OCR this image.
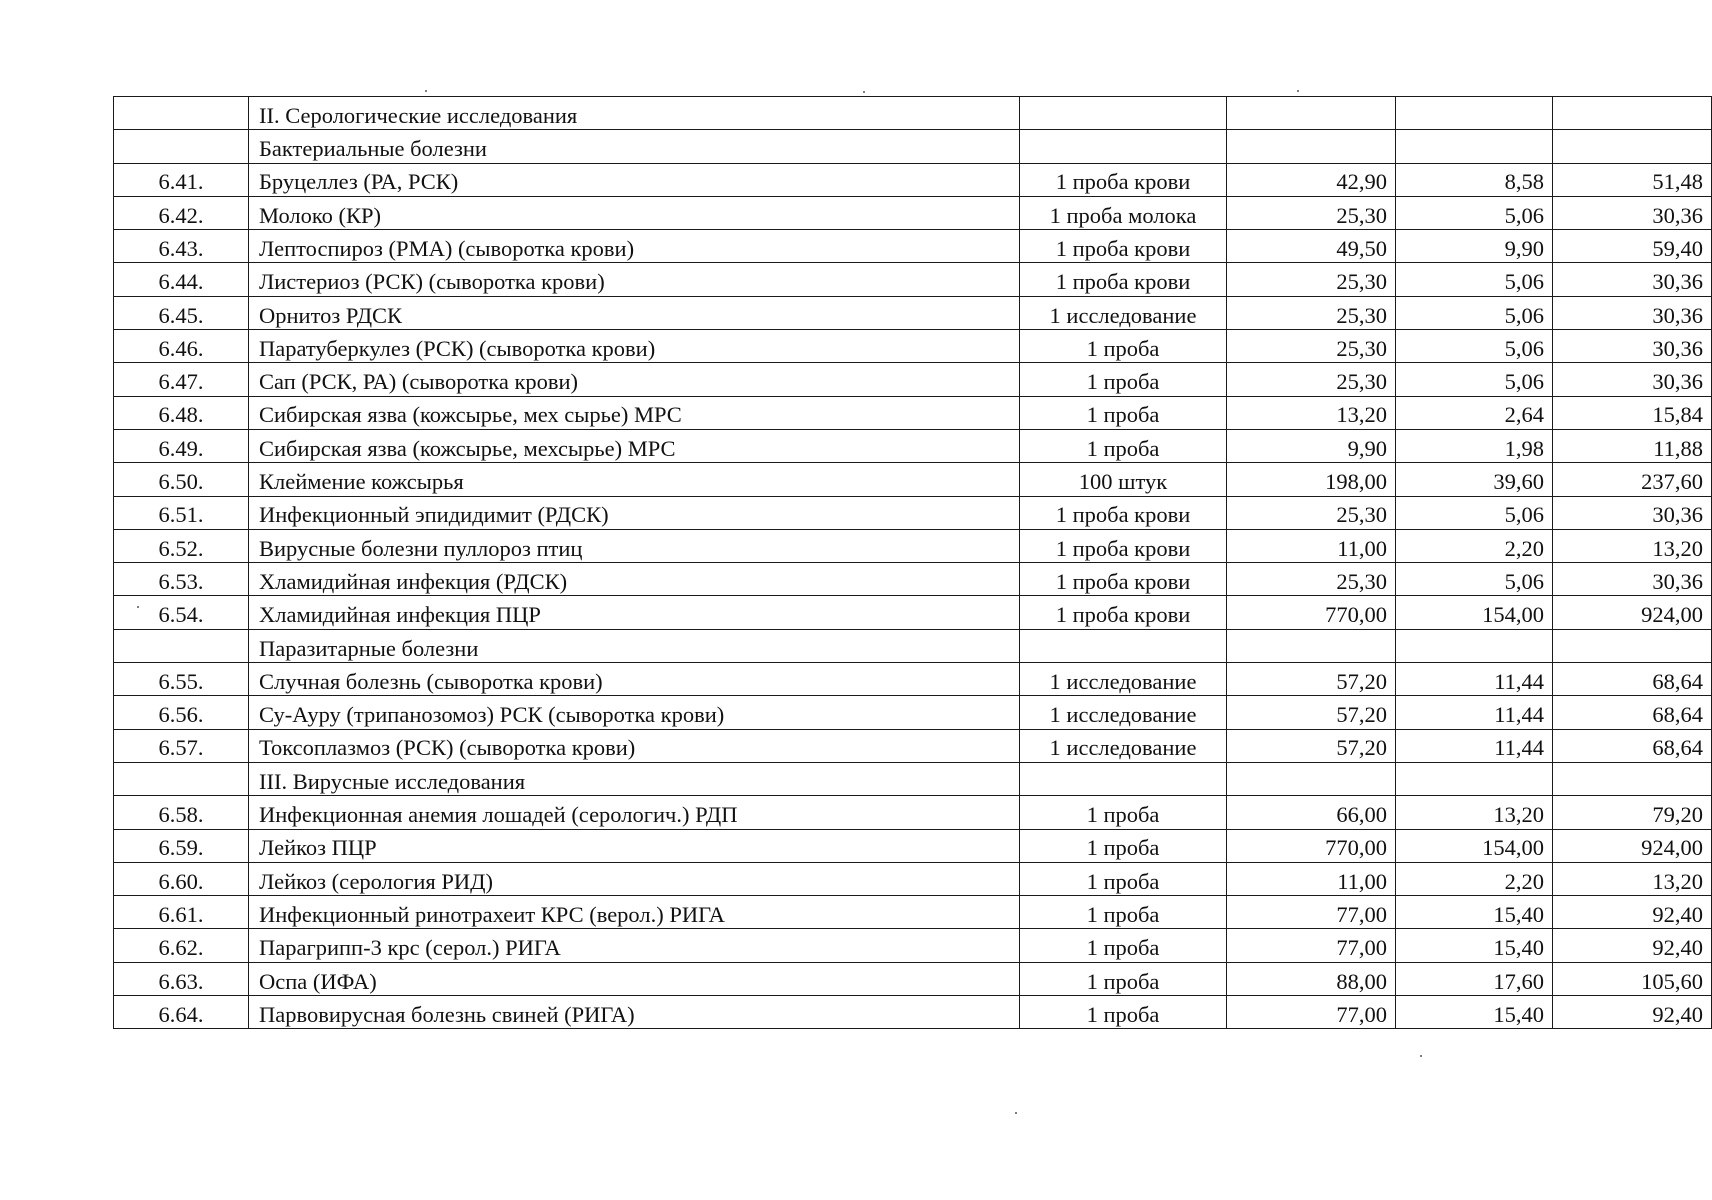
	II. Серологические исследования				
	Бактериальные болезни				
6.41.	Бруцеллез (РА, РСК)	1 проба крови	42,90	8,58	51,48
6.42.	Молоко (КР)	1 проба молока	25,30	5,06	30,36
6.43.	Лептоспироз (РМА) (сыворотка крови)	1 проба крови	49,50	9,90	59,40
6.44.	Листериоз (РСК) (сыворотка крови)	1 проба крови	25,30	5,06	30,36
6.45.	Орнитоз РДСК	1 исследование	25,30	5,06	30,36
6.46.	Паратуберкулез (РСК) (сыворотка крови)	1 проба	25,30	5,06	30,36
6.47.	Сап (РСК, РА) (сыворотка крови)	1 проба	25,30	5,06	30,36
6.48.	Сибирская язва (кожсырье, мех сырье) МРС	1 проба	13,20	2,64	15,84
6.49.	Сибирская язва (кожсырье, мехсырье) МРС	1 проба	9,90	1,98	11,88
6.50.	Клеймение кожсырья	100 штук	198,00	39,60	237,60
6.51.	Инфекционный эпидидимит (РДСК)	1 проба крови	25,30	5,06	30,36
6.52.	Вирусные болезни пуллороз птиц	1 проба крови	11,00	2,20	13,20
6.53.	Хламидийная инфекция (РДСК)	1 проба крови	25,30	5,06	30,36
6.54.	Хламидийная инфекция ПЦР	1 проба крови	770,00	154,00	924,00
	Паразитарные болезни				
6.55.	Случная болезнь (сыворотка крови)	1 исследование	57,20	11,44	68,64
6.56.	Су-Ауру (трипанозомоз) РСК (сыворотка крови)	1 исследование	57,20	11,44	68,64
6.57.	Токсоплазмоз (РСК) (сыворотка крови)	1 исследование	57,20	11,44	68,64
	III. Вирусные исследования				
6.58.	Инфекционная анемия лошадей (серологич.) РДП	1 проба	66,00	13,20	79,20
6.59.	Лейкоз ПЦР	1 проба	770,00	154,00	924,00
6.60.	Лейкоз (серология РИД)	1 проба	11,00	2,20	13,20
6.61.	Инфекционный ринотрахеит КРС (верол.) РИГА	1 проба	77,00	15,40	92,40
6.62.	Парагрипп-3 крс (серол.) РИГА	1 проба	77,00	15,40	92,40
6.63.	Оспа (ИФА)	1 проба	88,00	17,60	105,60
6.64.	Парвовирусная болезнь свиней (РИГА)	1 проба	77,00	15,40	92,40
